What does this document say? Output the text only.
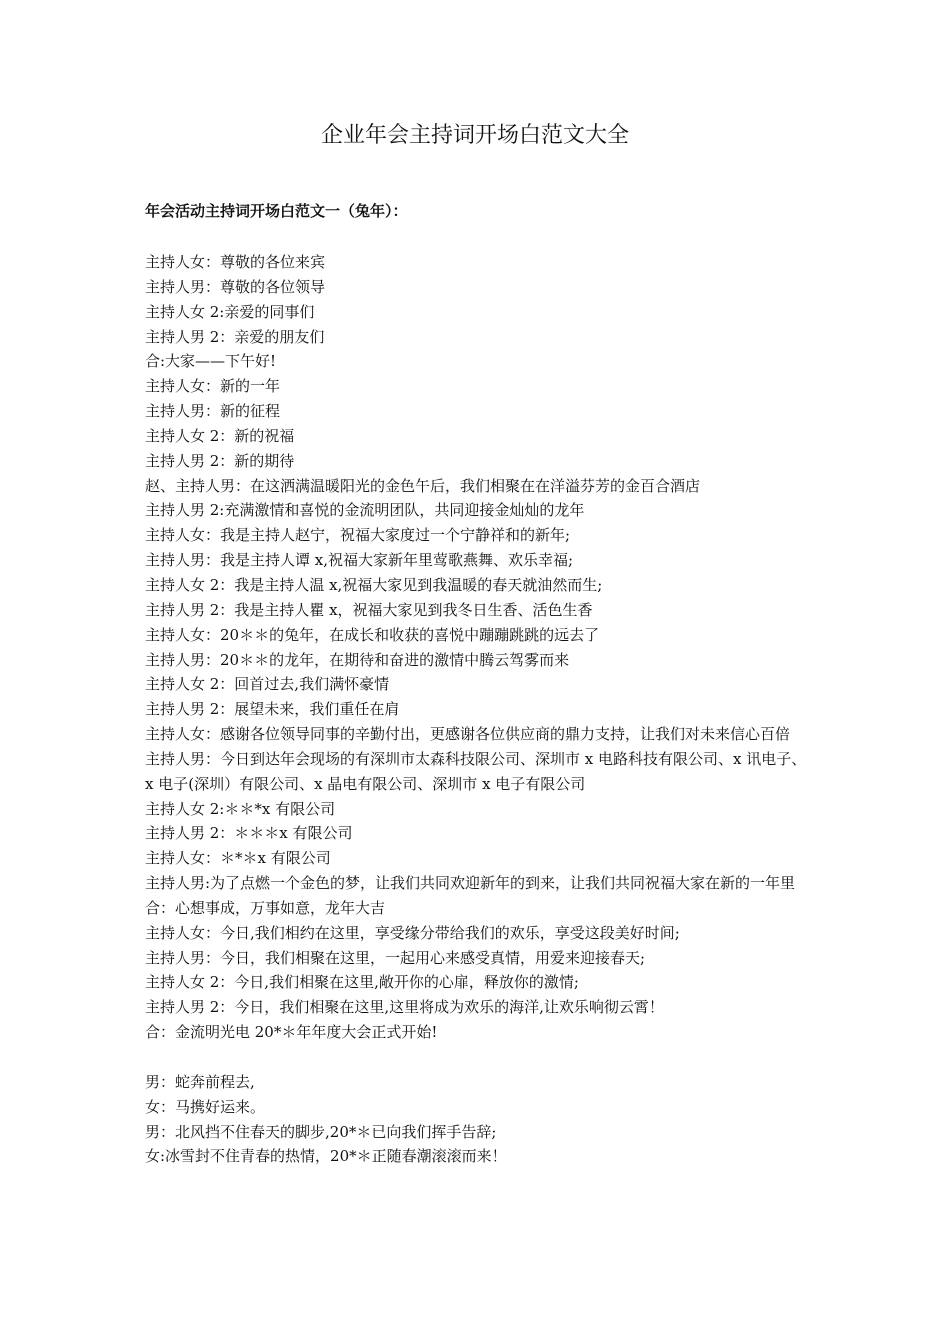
企业年会主持词开场白范文大全
年会活动主持词开场白范文一（兔年）：
主持人女：尊敬的各位来宾
主持人男：尊敬的各位领导
主持人女 2:亲爱的同事们
主持人男 2：亲爱的朋友们
合:大家——下午好!
主持人女：新的一年
主持人男：新的征程
主持人女 2：新的祝福
主持人男 2：新的期待
赵、主持人男：在这洒满温暖阳光的金色午后，我们相聚在在洋溢芬芳的金百合酒店
主持人男 2:充满激情和喜悦的金流明团队，共同迎接金灿灿的龙年
主持人女：我是主持人赵宁，祝福大家度过一个宁静祥和的新年;
主持人男：我是主持人谭 x,祝福大家新年里莺歌燕舞、欢乐幸福;
主持人女 2：我是主持人温 x,祝福大家见到我温暖的春天就油然而生;
主持人男 2：我是主持人瞿 x，祝福大家见到我冬日生香、活色生香
主持人女：20＊＊的兔年，在成长和收获的喜悦中蹦蹦跳跳的远去了
主持人男：20＊＊的龙年，在期待和奋进的激情中腾云驾雾而来
主持人女 2：回首过去,我们满怀豪情
主持人男 2：展望未来，我们重任在肩
主持人女：感谢各位领导同事的辛勤付出，更感谢各位供应商的鼎力支持，让我们对未来信心百倍
主持人男：今日到达年会现场的有深圳市太森科技限公司、深圳市 x 电路科技有限公司、x 讯电子、x 电子(深圳）有限公司、x 晶电有限公司、深圳市 x 电子有限公司
主持人女 2:＊＊*x 有限公司
主持人男 2：＊＊＊x 有限公司
主持人女：＊*＊x 有限公司
主持人男:为了点燃一个金色的梦，让我们共同欢迎新年的到来，让我们共同祝福大家在新的一年里
合：心想事成，万事如意，龙年大吉
主持人女：今日,我们相约在这里，享受缘分带给我们的欢乐，享受这段美好时间;
主持人男：今日，我们相聚在这里，一起用心来感受真情，用爱来迎接春天;
主持人女 2：今日,我们相聚在这里,敞开你的心扉，释放你的激情;
主持人男 2：今日，我们相聚在这里,这里将成为欢乐的海洋,让欢乐响彻云霄！
合：金流明光电 20*＊年年度大会正式开始!
男：蛇奔前程去,
女：马携好运来。
男：北风挡不住春天的脚步,20*＊已向我们挥手告辞;
女:冰雪封不住青春的热情，20*＊正随春潮滚滚而来！
